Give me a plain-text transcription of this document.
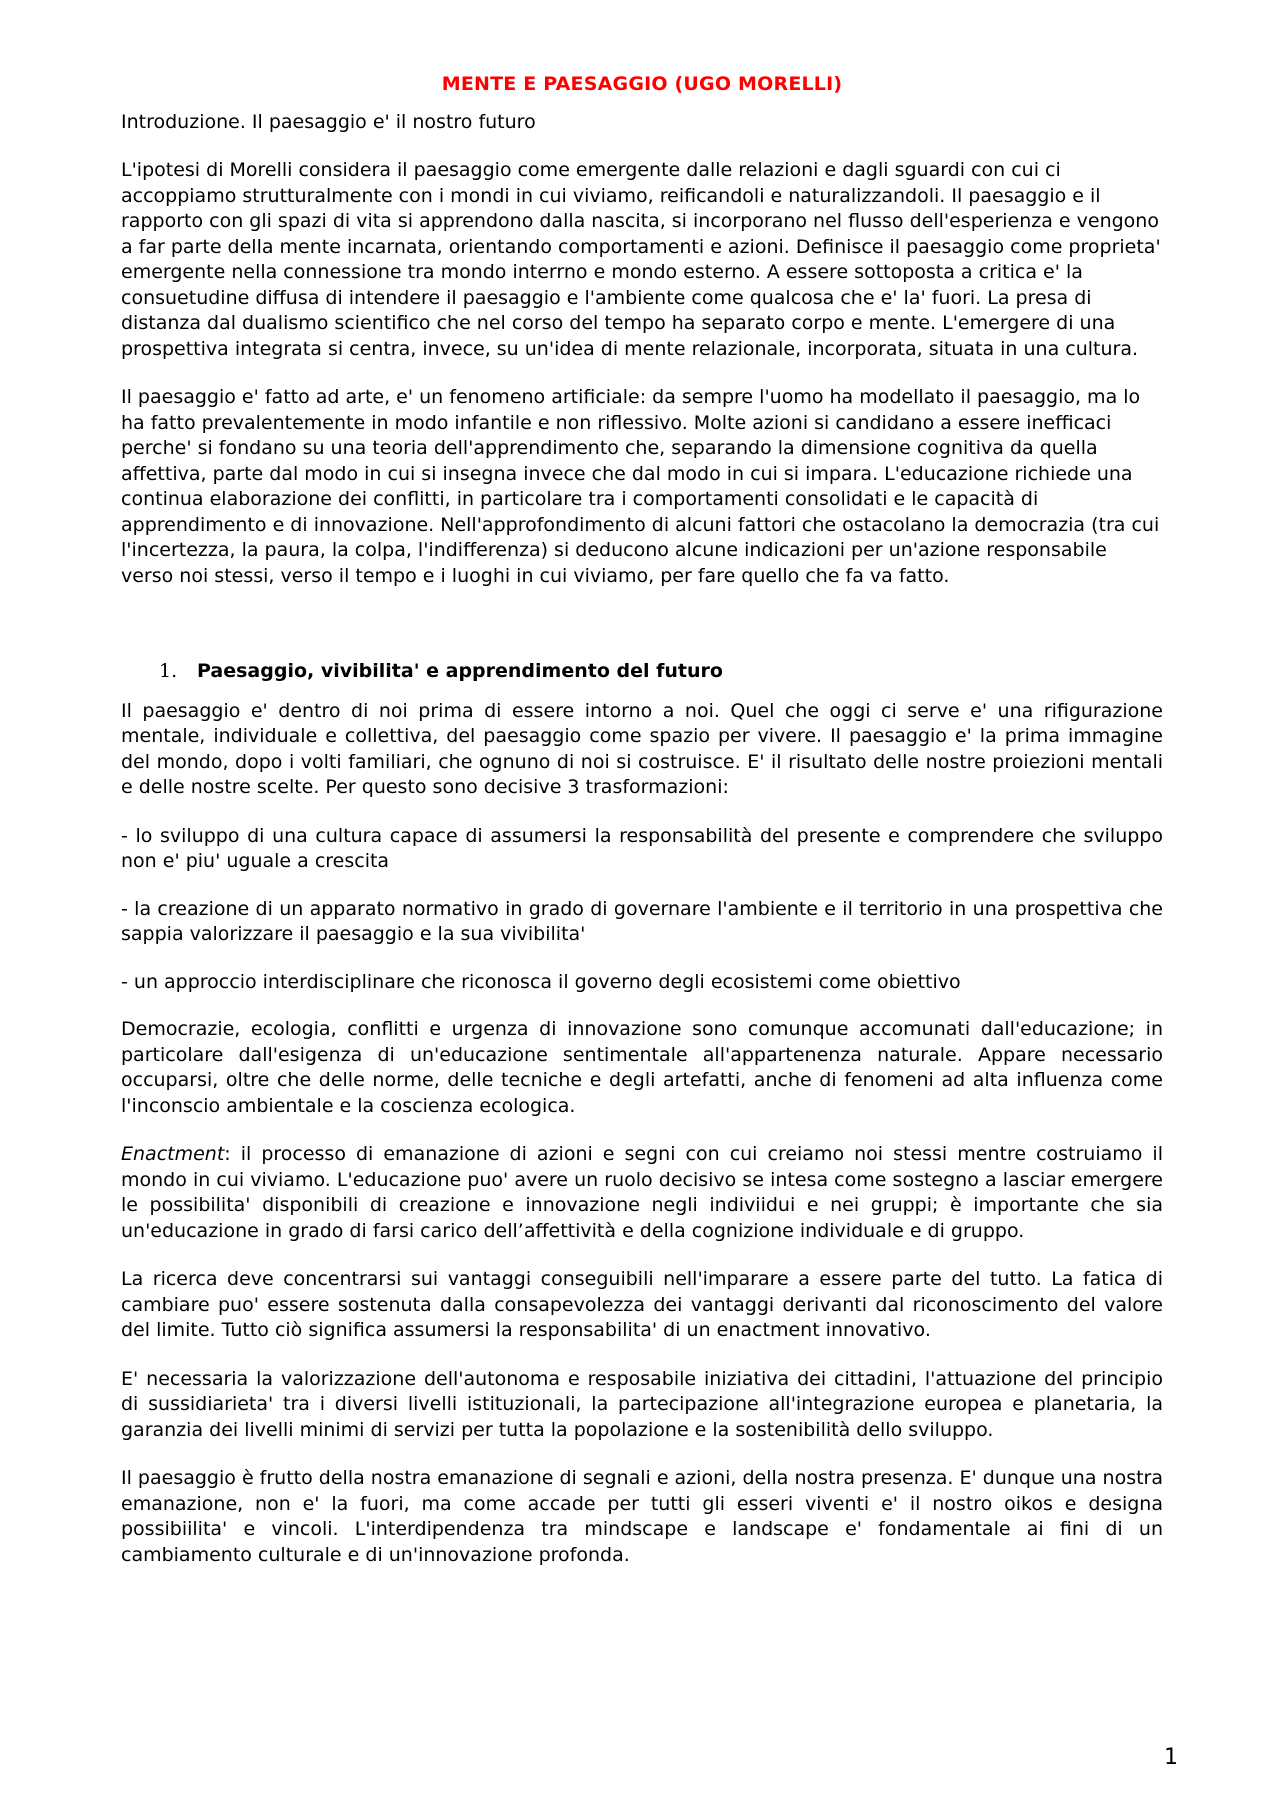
MENTE E PAESAGGIO (UGO MORELLI)

Introduzione. Il paesaggio e' il nostro futuro

L'ipotesi di Morelli considera il paesaggio come emergente dalle relazioni e dagli sguardi con cui ci accoppiamo strutturalmente con i mondi in cui viviamo, reificandoli e naturalizzandoli. Il paesaggio e il rapporto con gli spazi di vita si apprendono dalla nascita, si incorporano nel flusso dell'esperienza e vengono a far parte della mente incarnata, orientando comportamenti e azioni. Definisce il paesaggio come proprieta' emergente nella connessione tra mondo interrno e mondo esterno. A essere sottoposta a critica e' la consuetudine diffusa di intendere il paesaggio e l'ambiente come qualcosa che e' la' fuori. La presa di distanza dal dualismo scientifico che nel corso del tempo ha separato corpo e mente. L'emergere di una prospettiva integrata si centra, invece, su un'idea di mente relazionale, incorporata, situata in una cultura.

Il paesaggio e' fatto ad arte, e' un fenomeno artificiale: da sempre l'uomo ha modellato il paesaggio, ma lo ha fatto prevalentemente in modo infantile e non riflessivo. Molte azioni si candidano a essere inefficaci perche' si fondano su una teoria dell'apprendimento che, separando la dimensione cognitiva da quella affettiva, parte dal modo in cui si insegna invece che dal modo in cui si impara. L'educazione richiede una continua elaborazione dei conflitti, in particolare tra i comportamenti consolidati e le capacità di apprendimento e di innovazione. Nell'approfondimento di alcuni fattori che ostacolano la democrazia (tra cui l'incertezza, la paura, la colpa, l'indifferenza) si deducono alcune indicazioni per un'azione responsabile verso noi stessi, verso il tempo e i luoghi in cui viviamo, per fare quello che fa va fatto.

1. Paesaggio, vivibilita' e apprendimento del futuro

Il paesaggio e' dentro di noi prima di essere intorno a noi. Quel che oggi ci serve e' una rifigurazione mentale, individuale e collettiva, del paesaggio come spazio per vivere. Il paesaggio e' la prima immagine del mondo, dopo i volti familiari, che ognuno di noi si costruisce. E' il risultato delle nostre proiezioni mentali e delle nostre scelte. Per questo sono decisive 3 trasformazioni:

- lo sviluppo di una cultura capace di assumersi la responsabilità del presente e comprendere che sviluppo non e' piu' uguale a crescita

- la creazione di un apparato normativo in grado di governare l'ambiente e il territorio in una prospettiva che sappia valorizzare il paesaggio e la sua vivibilita'

- un approccio interdisciplinare che riconosca il governo degli ecosistemi come obiettivo

Democrazie, ecologia, conflitti e urgenza di innovazione sono comunque accomunati dall'educazione; in particolare dall'esigenza di un'educazione sentimentale all'appartenenza naturale. Appare necessario occuparsi, oltre che delle norme, delle tecniche e degli artefatti, anche di fenomeni ad alta influenza come l'inconscio ambientale e la coscienza ecologica.

Enactment: il processo di emanazione di azioni e segni con cui creiamo noi stessi mentre costruiamo il mondo in cui viviamo. L'educazione puo' avere un ruolo decisivo se intesa come sostegno a lasciar emergere le possibilita' disponibili di creazione e innovazione negli indiviidui e nei gruppi; è importante che sia un'educazione in grado di farsi carico dell’affettività e della cognizione individuale e di gruppo.

La ricerca deve concentrarsi sui vantaggi conseguibili nell'imparare a essere parte del tutto. La fatica di cambiare puo' essere sostenuta dalla consapevolezza dei vantaggi derivanti dal riconoscimento del valore del limite. Tutto ciò significa assumersi la responsabilita' di un enactment innovativo.

E' necessaria la valorizzazione dell'autonoma e resposabile iniziativa dei cittadini, l'attuazione del principio di sussidiarieta' tra i diversi livelli istituzionali, la partecipazione all'integrazione europea e planetaria, la garanzia dei livelli minimi di servizi per tutta la popolazione e la sostenibilità dello sviluppo.

Il paesaggio è frutto della nostra emanazione di segnali e azioni, della nostra presenza. E' dunque una nostra emanazione, non e' la fuori, ma come accade per tutti gli esseri viventi e' il nostro oikos e designa possibiilita' e vincoli. L'interdipendenza tra mindscape e landscape e' fondamentale ai fini di un cambiamento culturale e di un'innovazione profonda.

1
